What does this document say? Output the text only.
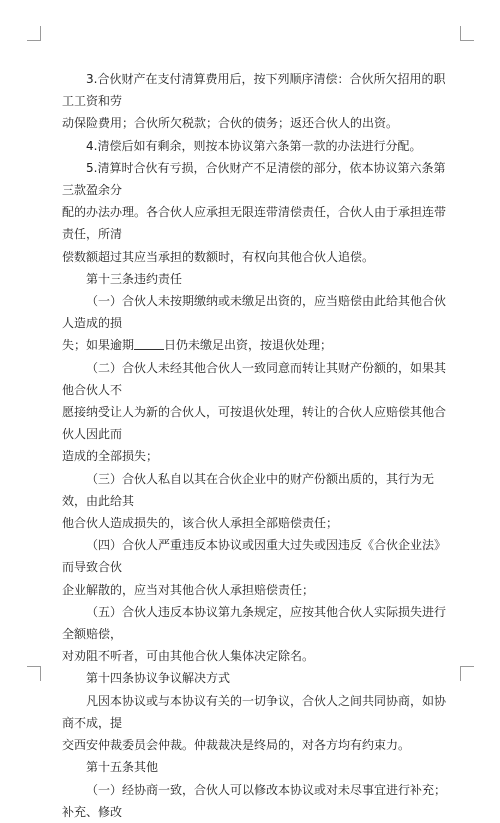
3.合伙财产在支付清算费用后，按下列顺序清偿：合伙所欠招用的职工工资和劳
动保险费用；合伙所欠税款；合伙的债务；返还合伙人的出资。

4.清偿后如有剩余，则按本协议第六条第一款的办法进行分配。

5.清算时合伙有亏损，合伙财产不足清偿的部分，依本协议第六条第三款盈余分
配的办法办理。各合伙人应承担无限连带清偿责任，合伙人由于承担连带责任，所清
偿数额超过其应当承担的数额时，有权向其他合伙人追偿。

第十三条违约责任

（一）合伙人未按期缴纳或未缴足出资的，应当赔偿由此给其他合伙人造成的损
失；如果逾期	日仍未缴足出资，按退伙处理；

（二）合伙人未经其他合伙人一致同意而转让其财产份额的，如果其他合伙人不
愿接纳受让人为新的合伙人，可按退伙处理，转让的合伙人应赔偿其他合伙人因此而
造成的全部损失；

（三）合伙人私自以其在合伙企业中的财产份额出质的，其行为无效，由此给其
他合伙人造成损失的，该合伙人承担全部赔偿责任；

（四）合伙人严重违反本协议或因重大过失或因违反《合伙企业法》而导致合伙
企业解散的，应当对其他合伙人承担赔偿责任；

（五）合伙人违反本协议第九条规定，应按其他合伙人实际损失进行全额赔偿，
对劝阻不听者，可由其他合伙人集体决定除名。

第十四条协议争议解决方式

凡因本协议或与本协议有关的一切争议，合伙人之间共同协商，如协商不成，提
交西安仲裁委员会仲裁。仲裁裁决是终局的，对各方均有约束力。

第十五条其他

（一）经协商一致，合伙人可以修改本协议或对未尽事宜进行补充；补充、修改
